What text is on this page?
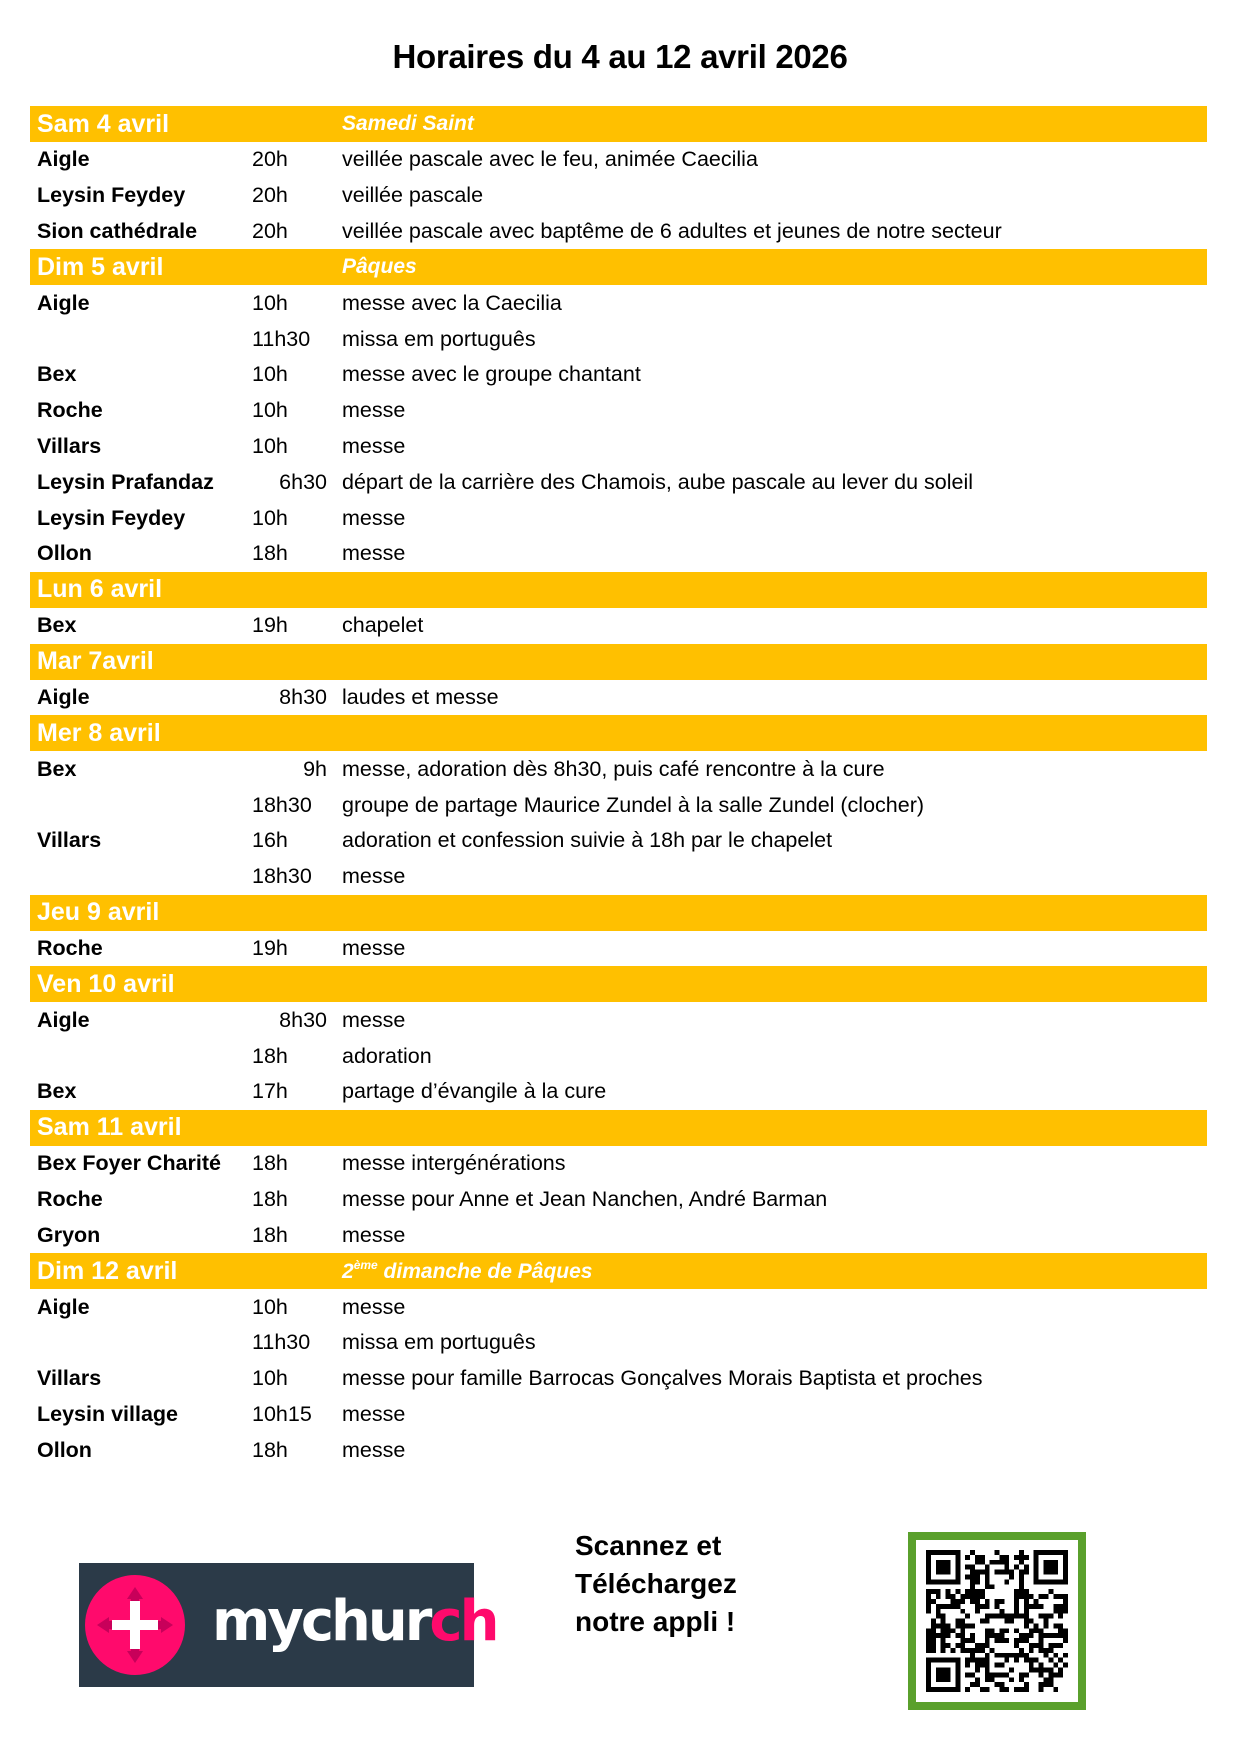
Horaires du 4 au 12 avril 2026
Sam 4 avril	Samedi Saint
Aigle	20h	veillée pascale avec le feu, animée Caecilia
Leysin Feydey	20h	veillée pascale
Sion cathédrale	20h	veillée pascale avec baptême de 6 adultes et jeunes de notre secteur
Dim 5 avril	Pâques
Aigle	10h	messe avec la Caecilia
11h30	missa em português
Bex	10h	messe avec le groupe chantant
Roche	10h	messe
Villars	10h	messe
Leysin Prafandaz	6h30 départ de la carrière des Chamois, aube pascale au lever du soleil
Leysin Feydey	10h	messe
Ollon	18h	messe
Lun 6 avril
Bex	19h	chapelet
Mar 7avril
Aigle	8h30 laudes et messe
Mer 8 avril
Bex	9h messe, adoration dès 8h30, puis café rencontre à la cure
18h30	groupe de partage Maurice Zundel à la salle Zundel (clocher)
Villars	16h	adoration et confession suivie à 18h par le chapelet
18h30	messe
Jeu 9 avril
Roche	19h	messe
Ven 10 avril
Aigle	8h30 messe
18h	adoration
Bex	17h	partage d’évangile à la cure
Sam 11 avril
Bex Foyer Charité	18h	messe intergénérations
Roche	18h	messe pour Anne et Jean Nanchen, André Barman
Gryon	18h	messe
Dim 12 avril	2ème dimanche de Pâques
Aigle	10h	messe
11h30	missa em português
Villars	10h	messe pour famille Barrocas Gonçalves Morais Baptista et proches
Leysin village	10h15	messe
Ollon	18h	messe
mychurch
Scannez et
Téléchargez
notre appli !
